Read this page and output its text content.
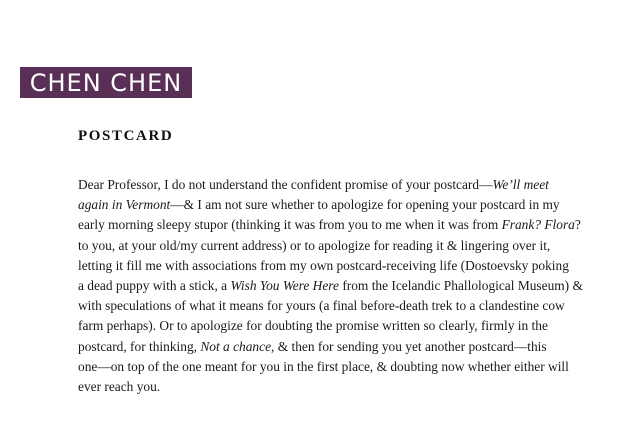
CHEN CHEN
POSTCARD
Dear Professor, I do not understand the confident promise of your postcard—We’ll meet
again in Vermont—& I am not sure whether to apologize for opening your postcard in my
early morning sleepy stupor (thinking it was from you to me when it was from Frank? Flora?
to you, at your old/my current address) or to apologize for reading it & lingering over it,
letting it fill me with associations from my own postcard-receiving life (Dostoevsky poking
a dead puppy with a stick, a Wish You Were Here from the Icelandic Phallological Museum) &
with speculations of what it means for yours (a final before-death trek to a clandestine cow
farm perhaps). Or to apologize for doubting the promise written so clearly, firmly in the
postcard, for thinking, Not a chance, & then for sending you yet another postcard—this
one—on top of the one meant for you in the first place, & doubting now whether either will
ever reach you.
